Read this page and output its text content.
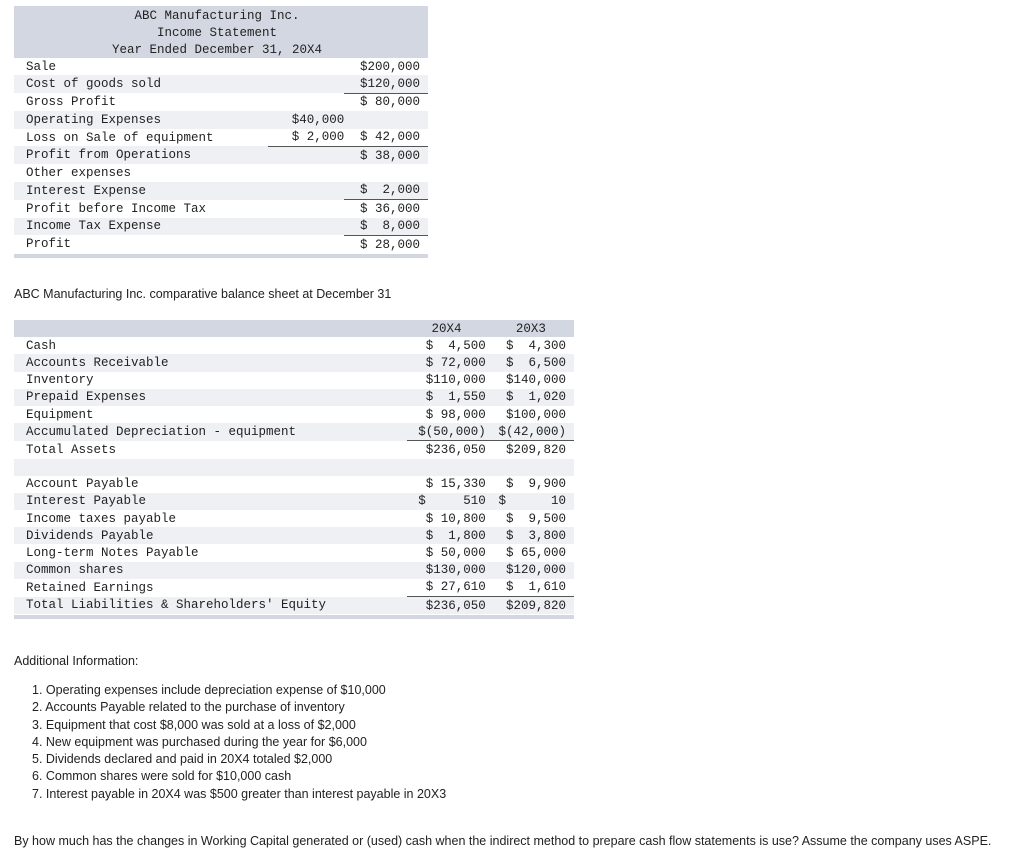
ABC Manufacturing Inc.
Income Statement
Year Ended December 31, 20X4
Sale		$200,000
Cost of goods sold		$120,000
Gross Profit		$ 80,000
Operating Expenses	$40,000	
Loss on Sale of equipment	$ 2,000	$ 42,000
Profit from Operations		$ 38,000
Other expenses		
Interest Expense		$  2,000
Profit before Income Tax		$ 36,000
Income Tax Expense		$  8,000
Profit		$ 28,000
ABC Manufacturing Inc. comparative balance sheet at December 31
	20X4	20X3
Cash	$  4,500	$  4,300
Accounts Receivable	$ 72,000	$  6,500
Inventory	$110,000	$140,000
Prepaid Expenses	$  1,550	$  1,020
Equipment	$ 98,000	$100,000
Accumulated Depreciation - equipment	$(50,000)	$(42,000)
Total Assets	$236,050	$209,820

Account Payable	$ 15,330	$  9,900
Interest Payable	$     510	$      10
Income taxes payable	$ 10,800	$  9,500
Dividends Payable	$  1,800	$  3,800
Long-term Notes Payable	$ 50,000	$ 65,000
Common shares	$130,000	$120,000
Retained Earnings	$ 27,610	$  1,610
Total Liabilities & Shareholders' Equity	$236,050	$209,820
Additional Information:
1. Operating expenses include depreciation expense of $10,000
2. Accounts Payable related to the purchase of inventory
3. Equipment that cost $8,000 was sold at a loss of $2,000
4. New equipment was purchased during the year for $6,000
5. Dividends declared and paid in 20X4 totaled $2,000
6. Common shares were sold for $10,000 cash
7. Interest payable in 20X4 was $500 greater than interest payable in 20X3
By how much has the changes in Working Capital generated or (used) cash when the indirect method to prepare cash flow statements is use? Assume the company uses ASPE.
